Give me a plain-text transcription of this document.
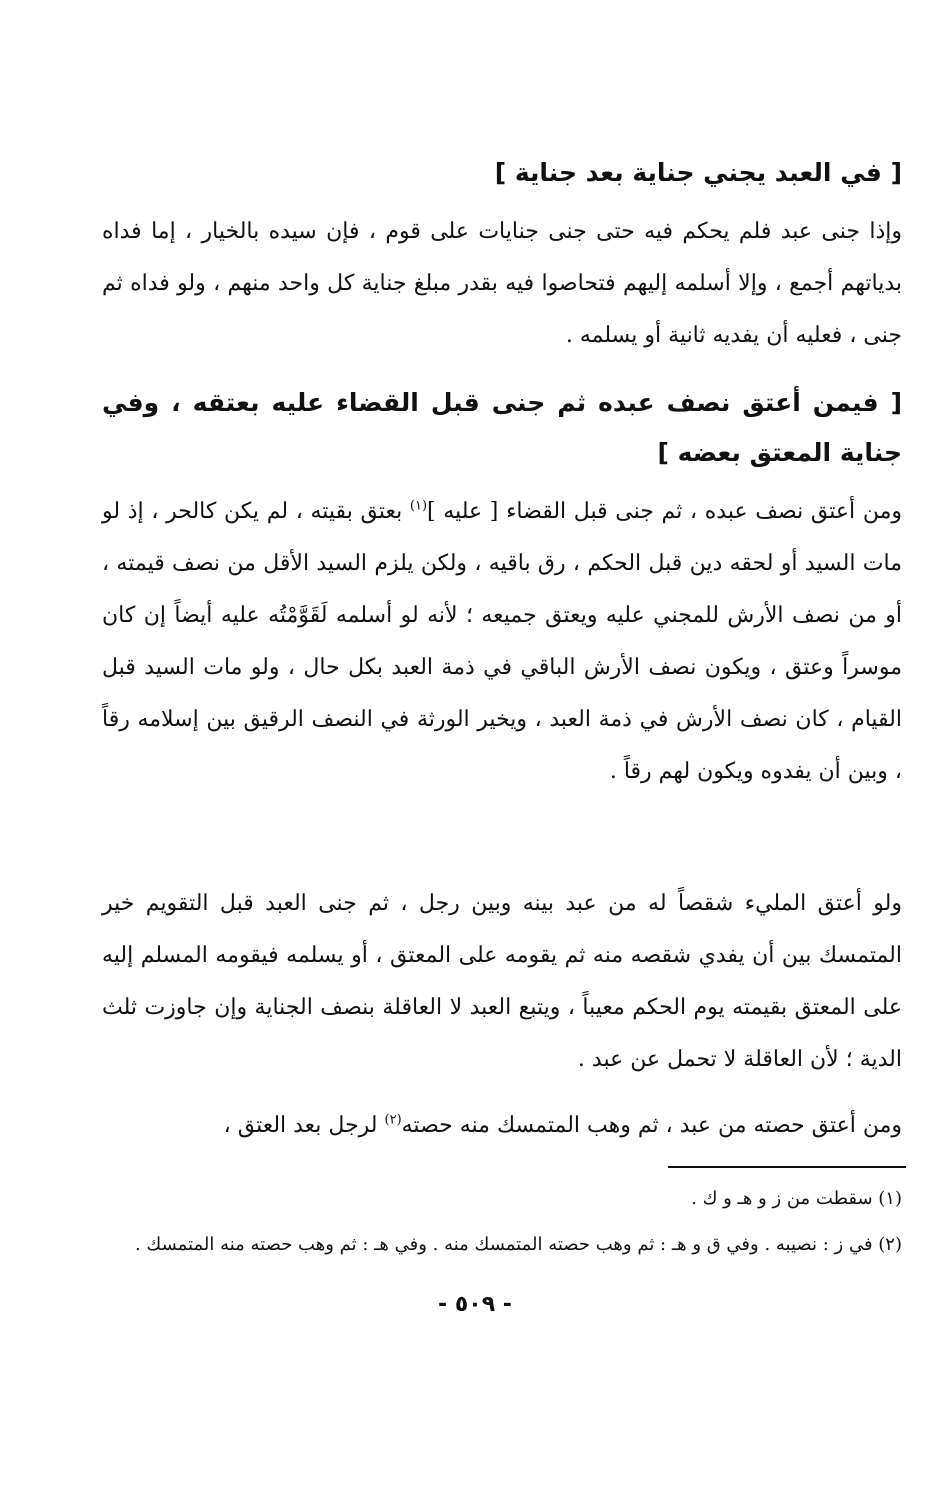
[ في العبد يجني جناية بعد جناية ]
وإذا جنى عبد فلم يحكم فيه حتى جنى جنايات على قوم ، فإن سيده بالخيار ، إما فداه بدياتهم أجمع ، وإلا أسلمه إليهم فتحاصوا فيه بقدر مبلغ جناية كل واحد منهم ، ولو فداه ثم جنى ، فعليه أن يفديه ثانية أو يسلمه .
[ فيمن أعتق نصف عبده ثم جنى قبل القضاء عليه بعتقه ، وفي جناية المعتق بعضه ]
ومن أعتق نصف عبده ، ثم جنى قبل القضاء [ عليه ]$^{(١)}$ بعتق بقيته ، لم يكن كالحر ، إذ لو مات السيد أو لحقه دين قبل الحكم ، رق باقيه ، ولكن يلزم السيد الأقل من نصف قيمته ، أو من نصف الأرش للمجني عليه ويعتق جميعه ؛ لأنه لو أسلمه لَقَوَّمْتُه عليه أيضاً إن كان موسراً وعتق ، ويكون نصف الأرش الباقي في ذمة العبد بكل حال ، ولو مات السيد قبل القيام ، كان نصف الأرش في ذمة العبد ، ويخير الورثة في النصف الرقيق بين إسلامه رقاً ، وبين أن يفدوه ويكون لهم رقاً .
ولو أعتق المليء شقصاً له من عبد بينه وبين رجل ، ثم جنى العبد قبل التقويم خير المتمسك بين أن يفدي شقصه منه ثم يقومه على المعتق ، أو يسلمه فيقومه المسلم إليه على المعتق بقيمته يوم الحكم معيباً ، ويتبع العبد لا العاقلة بنصف الجناية وإن جاوزت ثلث الدية ؛ لأن العاقلة لا تحمل عن عبد .
ومن أعتق حصته من عبد ، ثم وهب المتمسك منه حصته$^{(٢)}$ لرجل بعد العتق ،
(١) سقطت من ز و هـ و ك .
(٢) في ز : نصيبه . وفي ق و هـ : ثم وهب حصته المتمسك منه . وفي هـ : ثم وهب حصته منه المتمسك .
- ٥٠٩ -
